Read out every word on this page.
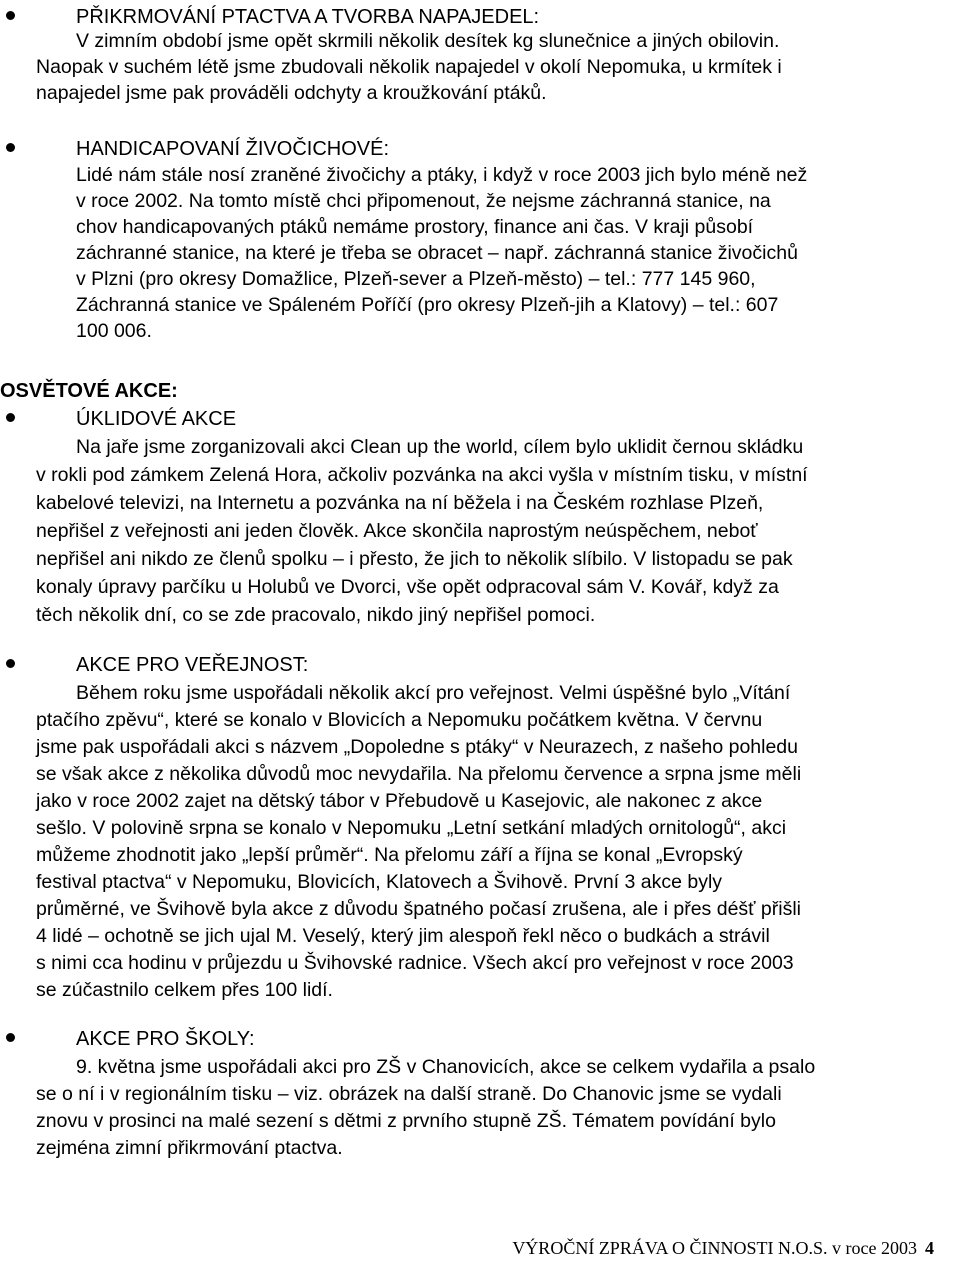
PŘIKRMOVÁNÍ PTACTVA A TVORBA NAPAJEDEL:
V zimním období jsme opět skrmili několik desítek kg slunečnice a jiných obilovin.
Naopak v suchém létě jsme zbudovali několik napajedel v okolí Nepomuka, u krmítek i
napajedel jsme pak prováděli odchyty a kroužkování ptáků.
HANDICAPOVANÍ ŽIVOČICHOVÉ:
Lidé nám stále nosí zraněné živočichy a ptáky, i když v roce 2003 jich bylo méně než
v roce 2002. Na tomto místě chci připomenout, že nejsme záchranná stanice, na
chov handicapovaných ptáků nemáme prostory, finance ani čas. V kraji působí
záchranné stanice, na které je třeba se obracet – např. záchranná stanice živočichů
v Plzni (pro okresy Domažlice, Plzeň-sever a Plzeň-město) – tel.: 777 145 960,
Záchranná stanice ve Spáleném Poříčí (pro okresy Plzeň-jih a Klatovy) – tel.: 607
100 006.
OSVĚTOVÉ AKCE:
ÚKLIDOVÉ AKCE
Na jaře jsme zorganizovali akci Clean up the world, cílem bylo uklidit černou skládku
v rokli pod zámkem Zelená Hora, ačkoliv pozvánka na akci vyšla v místním tisku, v místní
kabelové televizi, na Internetu a pozvánka na ní běžela i na Českém rozhlase Plzeň,
nepřišel z veřejnosti ani jeden člověk. Akce skončila naprostým neúspěchem, neboť
nepřišel ani nikdo ze členů spolku – i přesto, že jich to několik slíbilo. V listopadu se pak
konaly úpravy parčíku u Holubů ve Dvorci, vše opět odpracoval sám V. Kovář, když za
těch několik dní, co se zde pracovalo, nikdo jiný nepřišel pomoci.
AKCE PRO VEŘEJNOST:
Během roku jsme uspořádali několik akcí pro veřejnost. Velmi úspěšné bylo „Vítání
ptačího zpěvu“, které se konalo v Blovicích a Nepomuku počátkem května. V červnu
jsme pak uspořádali akci s názvem „Dopoledne s ptáky“ v Neurazech, z našeho pohledu
se však akce z několika důvodů moc nevydařila. Na přelomu července a srpna jsme měli
jako v roce 2002 zajet na dětský tábor v Přebudově u Kasejovic, ale nakonec z akce
sešlo. V polovině srpna se konalo v Nepomuku „Letní setkání mladých ornitologů“, akci
můžeme zhodnotit jako „lepší průměr“. Na přelomu září a října se konal „Evropský
festival ptactva“ v Nepomuku, Blovicích, Klatovech a Švihově. První 3 akce byly
průměrné, ve Švihově byla akce z důvodu špatného počasí zrušena, ale i přes déšť přišli
4 lidé – ochotně se jich ujal M. Veselý, který jim alespoň řekl něco o budkách a strávil
s nimi cca hodinu v průjezdu u Švihovské radnice. Všech akcí pro veřejnost v roce 2003
se zúčastnilo celkem přes 100 lidí.
AKCE PRO ŠKOLY:
9. května jsme uspořádali akci pro ZŠ v Chanovicích, akce se celkem vydařila a psalo
se o ní i v regionálním tisku – viz. obrázek na další straně. Do Chanovic jsme se vydali
znovu v prosinci na malé sezení s dětmi z prvního stupně ZŠ. Tématem povídání bylo
zejména zimní přikrmování ptactva.
VÝROČNÍ ZPRÁVA O ČINNOSTI N.O.S. v roce 2003 4
